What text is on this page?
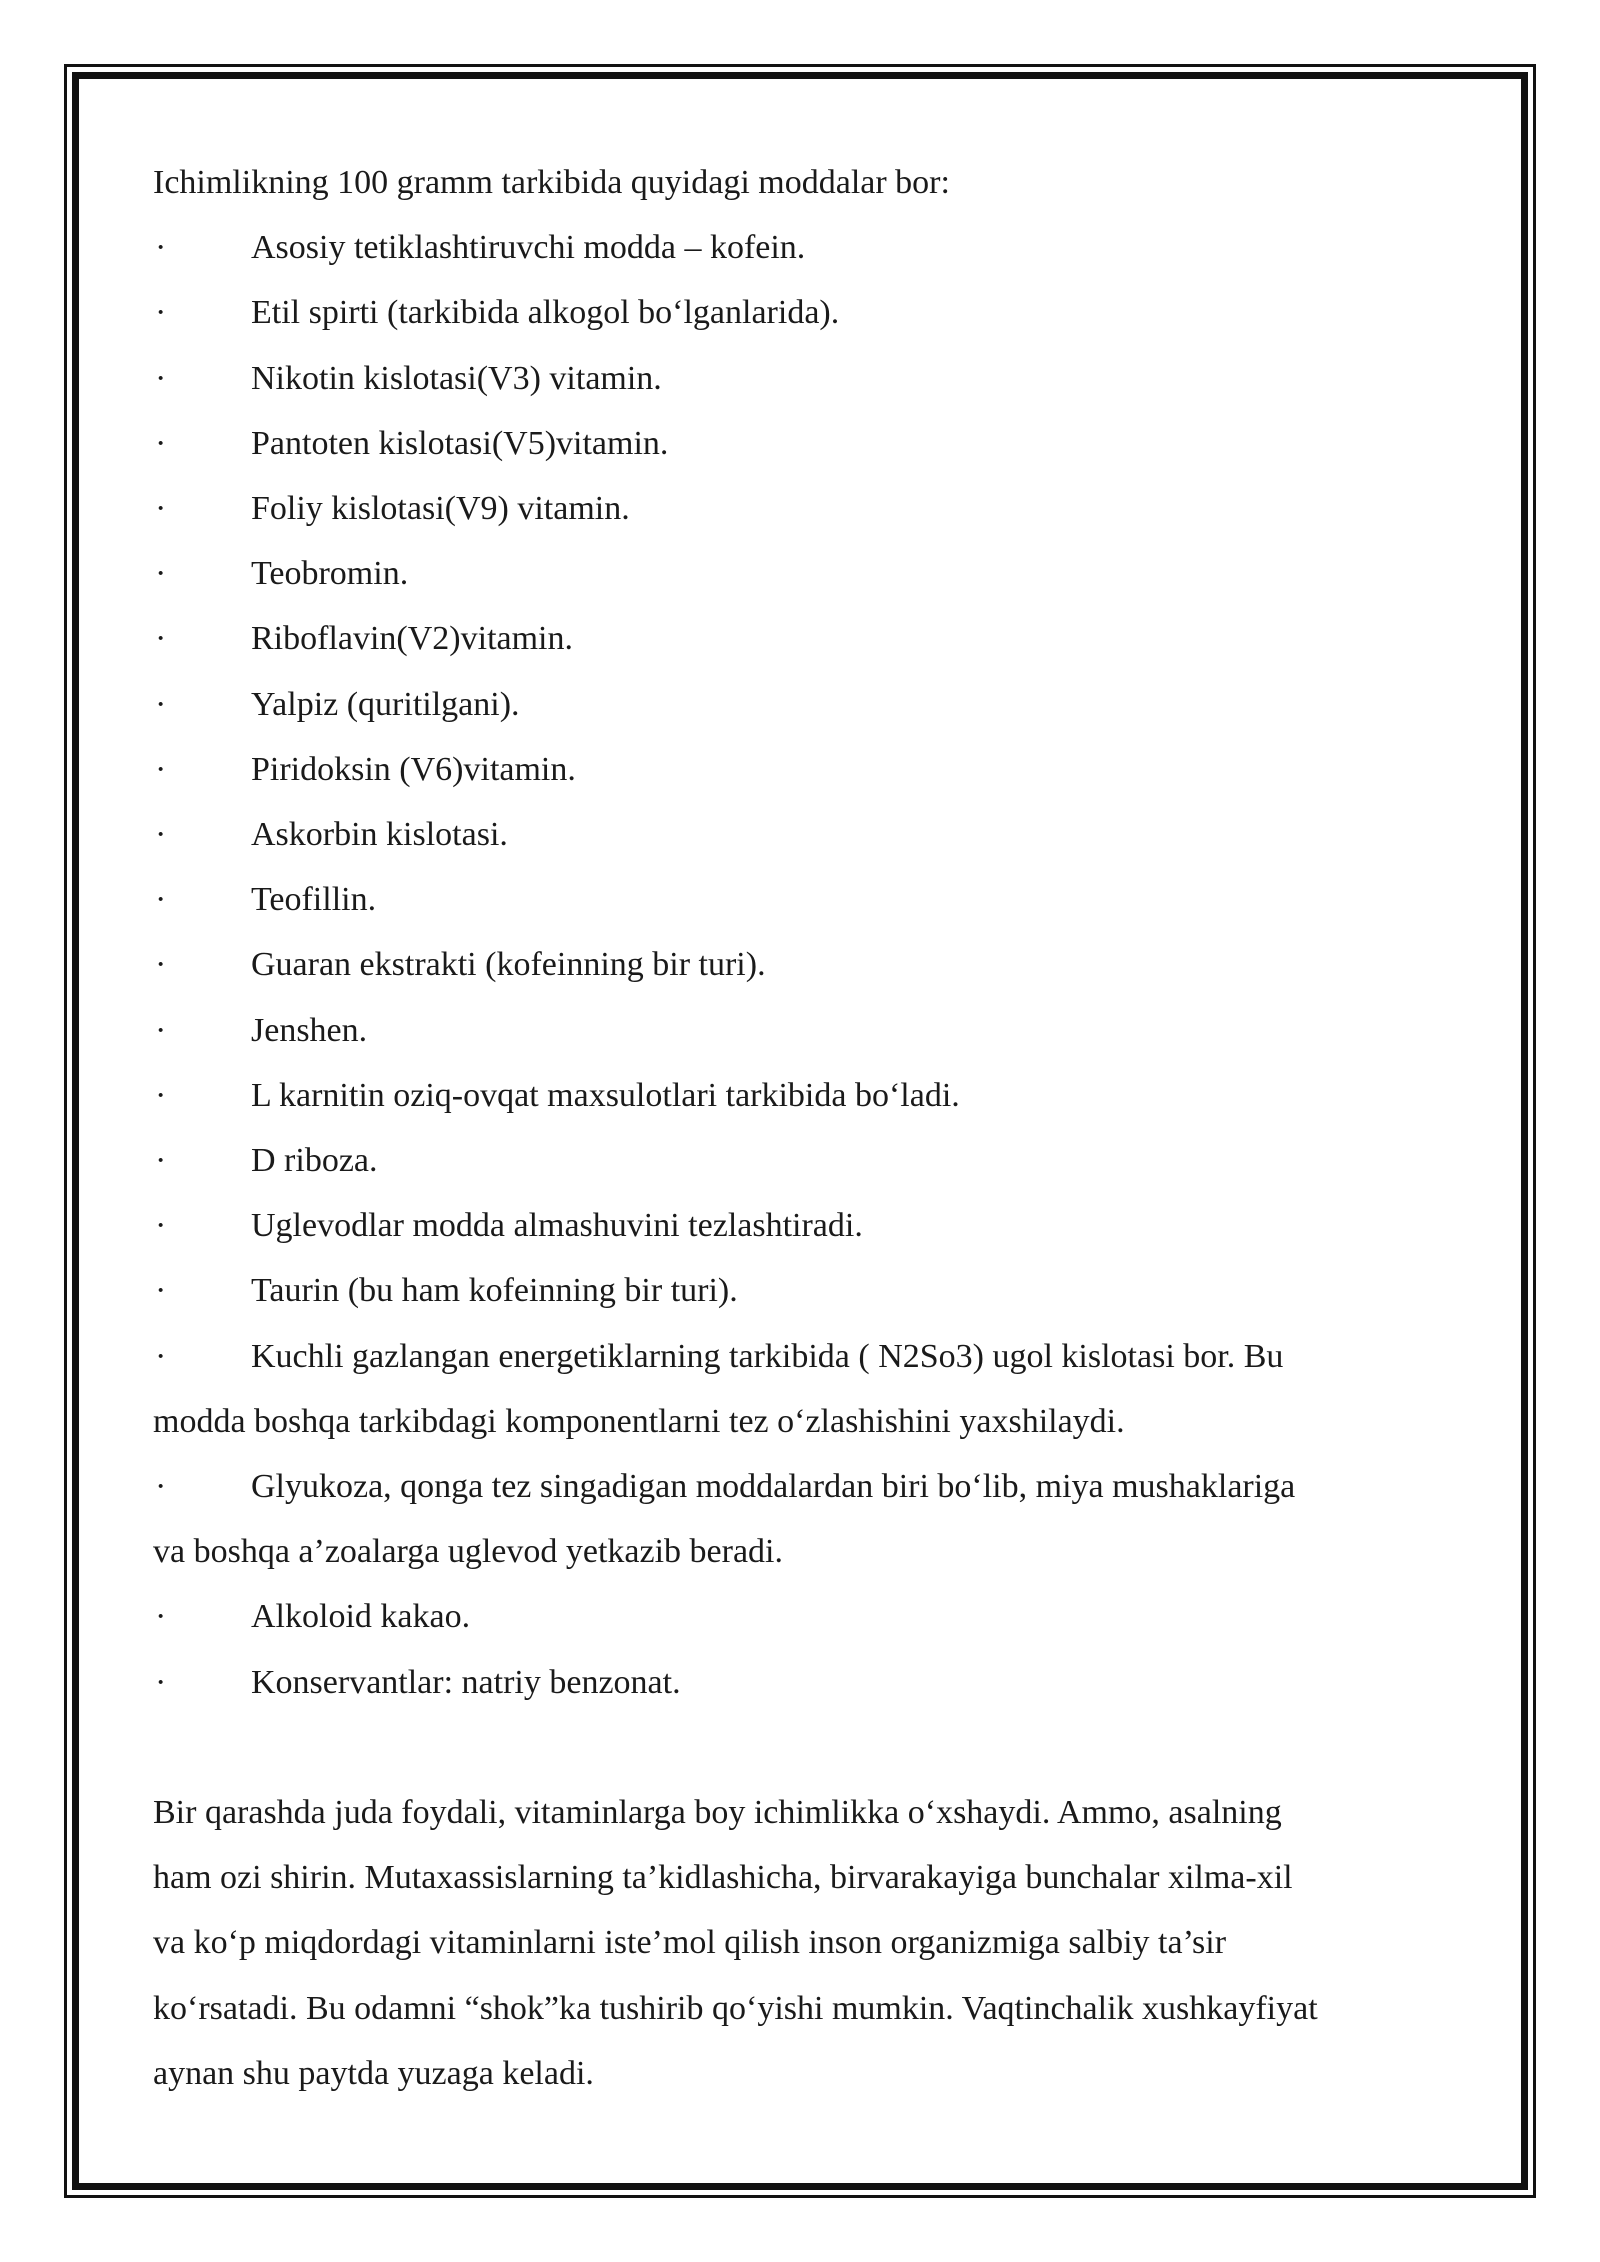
Ichimlikning 100 gramm tarkibida quyidagi moddalar bor:

· Asosiy tetiklashtiruvchi modda – kofein.

· Etil spirti (tarkibida alkogol bo‘lganlarida).

· Nikotin kislotasi(V3) vitamin.

· Pantoten kislotasi(V5)vitamin.

· Foliy kislotasi(V9) vitamin.

· Teobromin.

· Riboflavin(V2)vitamin.

· Yalpiz (quritilgani).

· Piridoksin (V6)vitamin.

· Askorbin kislotasi.

· Teofillin.

· Guaran ekstrakti (kofeinning bir turi).

· Jenshen.

· L karnitin oziq-ovqat maxsulotlari tarkibida bo‘ladi.

· D riboza.

· Uglevodlar modda almashuvini tezlashtiradi.

· Taurin (bu ham kofeinning bir turi).

· Kuchli gazlangan energetiklarning tarkibida ( N2So3) ugol kislotasi bor. Bu
modda boshqa tarkibdagi komponentlarni tez o‘zlashishini yaxshilaydi.

· Glyukoza, qonga tez singadigan moddalardan biri bo‘lib, miya mushaklariga
va boshqa a’zoalarga uglevod yetkazib beradi.

· Alkoloid kakao.

· Konservantlar: natriy benzonat.

Bir qarashda juda foydali, vitaminlarga boy ichimlikka o‘xshaydi. Ammo, asalning

ham ozi shirin. Mutaxassislarning ta’kidlashicha, birvarakayiga bunchalar xilma-xil

va ko‘p miqdordagi vitaminlarni iste’mol qilish inson organizmiga salbiy ta’sir

ko‘rsatadi. Bu odamni “shok”ka tushirib qo‘yishi mumkin. Vaqtinchalik xushkayfiyat

aynan shu paytda yuzaga keladi.
